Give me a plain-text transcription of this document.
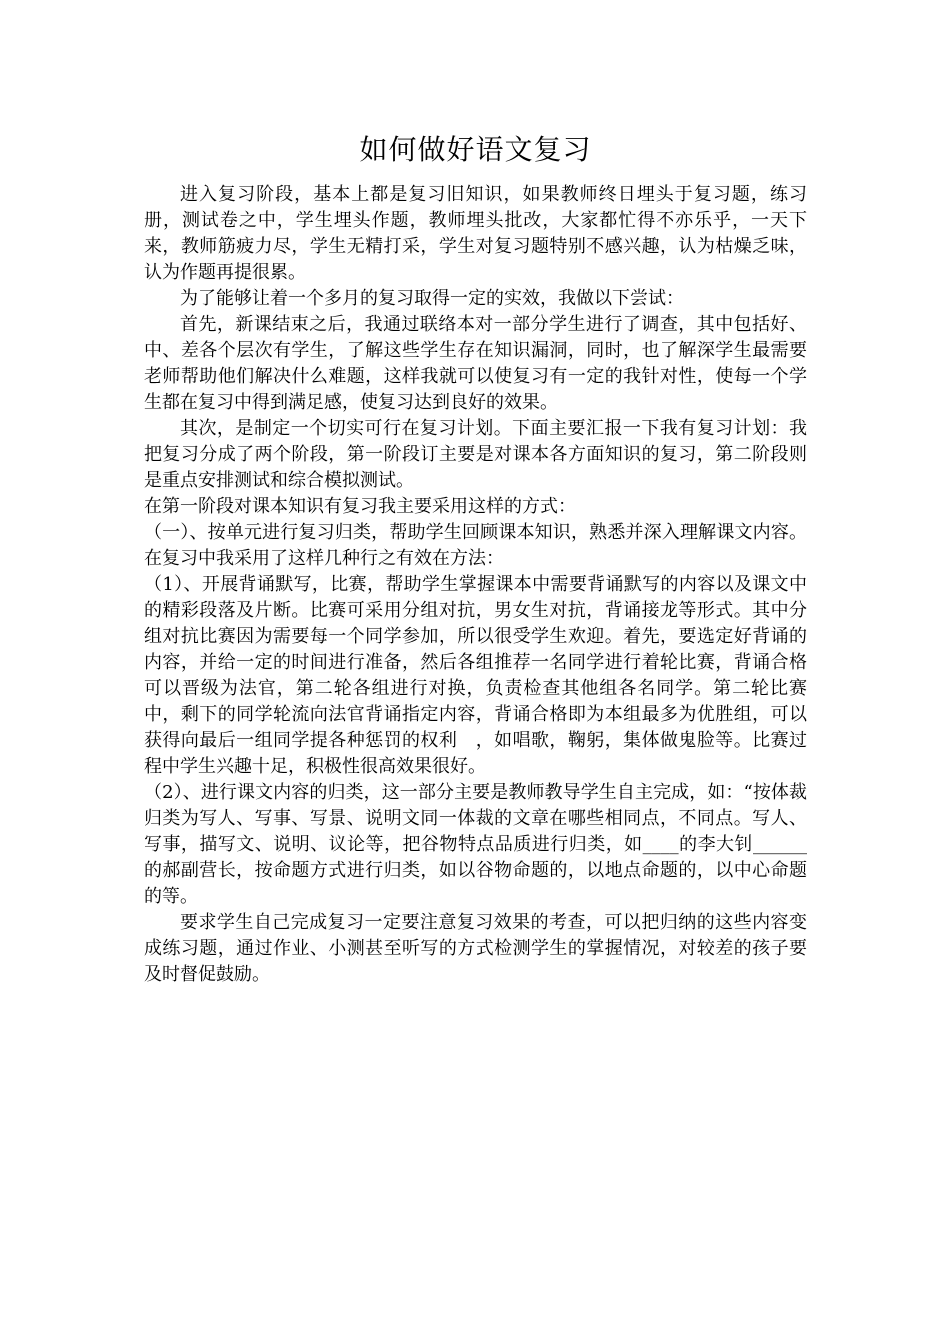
如何做好语文复习

进入复习阶段，基本上都是复习旧知识，如果教师终日埋头于复习题，练习册，测试卷之中，学生埋头作题，教师埋头批改，大家都忙得不亦乐乎，一天下来，教师筋疲力尽，学生无精打采，学生对复习题特别不感兴趣，认为枯燥乏味，认为作题再提很累。

为了能够让着一个多月的复习取得一定的实效，我做以下尝试：

首先，新课结束之后，我通过联络本对一部分学生进行了调查，其中包括好、中、差各个层次有学生，了解这些学生存在知识漏洞，同时，也了解深学生最需要老师帮助他们解决什么难题，这样我就可以使复习有一定的我针对性，使每一个学生都在复习中得到满足感，使复习达到良好的效果。

其次，是制定一个切实可行在复习计划。下面主要汇报一下我有复习计划：我把复习分成了两个阶段，第一阶段订主要是对课本各方面知识的复习，第二阶段则是重点安排测试和综合模拟测试。

在第一阶段对课本知识有复习我主要采用这样的方式：

（一）、按单元进行复习归类，帮助学生回顾课本知识，熟悉并深入理解课文内容。在复习中我采用了这样几种行之有效在方法：

（1）、开展背诵默写，比赛，帮助学生掌握课本中需要背诵默写的内容以及课文中的精彩段落及片断。比赛可采用分组对抗，男女生对抗，背诵接龙等形式。其中分组对抗比赛因为需要每一个同学参加，所以很受学生欢迎。着先，要选定好背诵的内容，并给一定的时间进行准备，然后各组推荐一名同学进行着轮比赛，背诵合格可以晋级为法官，第二轮各组进行对换，负责检查其他组各名同学。第二轮比赛中，剩下的同学轮流向法官背诵指定内容，背诵合格即为本组最多为优胜组，可以获得向最后一组同学提各种惩罚的权利　，如唱歌，鞠躬，集体做鬼脸等。比赛过程中学生兴趣十足，积极性很高效果很好。

（2）、进行课文内容的归类，这一部分主要是教师教导学生自主完成，如：“按体裁归类为写人、写事、写景、说明文同一体裁的文章在哪些相同点，不同点。写人、写事，描写文、说明、议论等，把谷物特点品质进行归类，如____的李大钊______的郝副营长，按命题方式进行归类，如以谷物命题的，以地点命题的，以中心命题的等。

要求学生自己完成复习一定要注意复习效果的考查，可以把归纳的这些内容变成练习题，通过作业、小测甚至听写的方式检测学生的掌握情况，对较差的孩子要及时督促鼓励。
